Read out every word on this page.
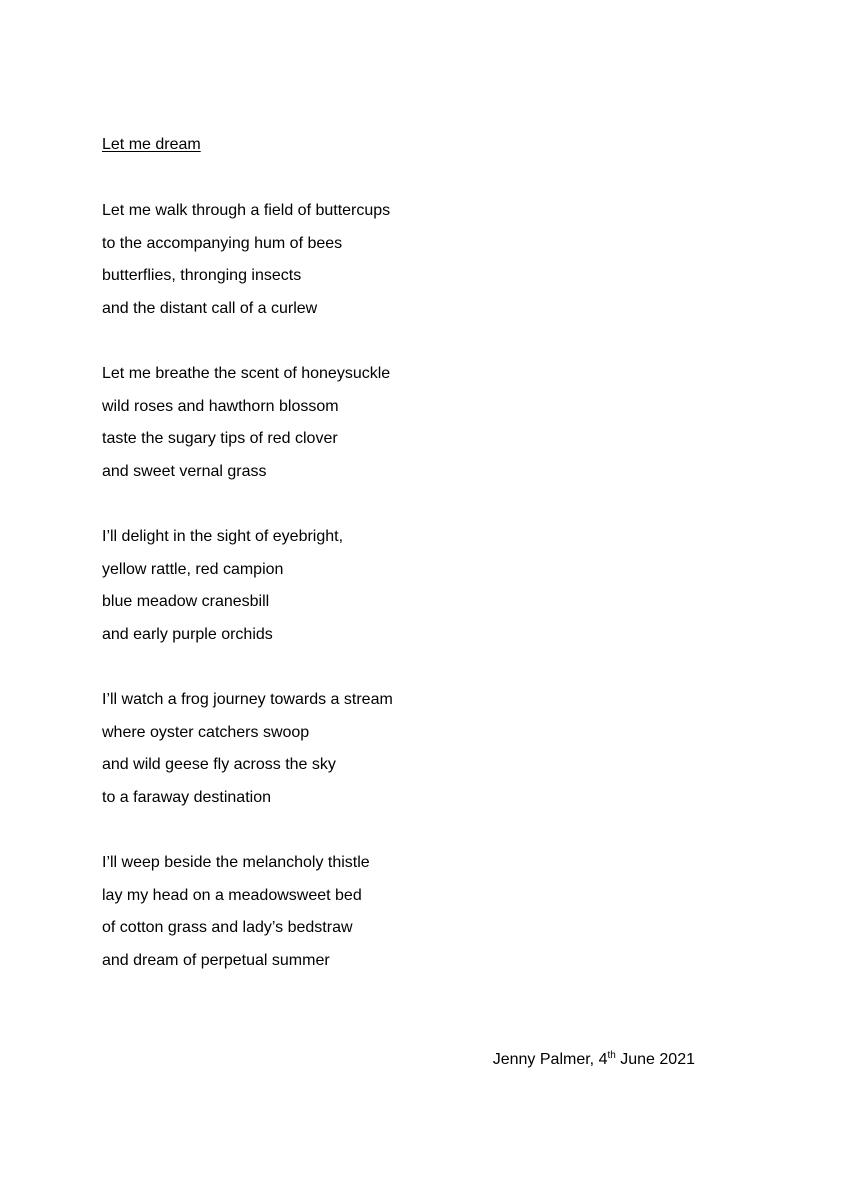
Let me dream
Let me walk through a field of buttercups
to the accompanying hum of bees
butterflies, thronging insects
and the distant call of a curlew
Let me breathe the scent of honeysuckle
wild roses and hawthorn blossom
taste the sugary tips of red clover
and sweet vernal grass
I’ll delight in the sight of eyebright,
yellow rattle, red campion
blue meadow cranesbill
and early purple orchids
I’ll watch a frog journey towards a stream
where oyster catchers swoop
and wild geese fly across the sky
to a faraway destination
I’ll weep beside the melancholy thistle
lay my head on a meadowsweet bed
of cotton grass and lady’s bedstraw
and dream of perpetual summer
Jenny Palmer, 4th June 2021
